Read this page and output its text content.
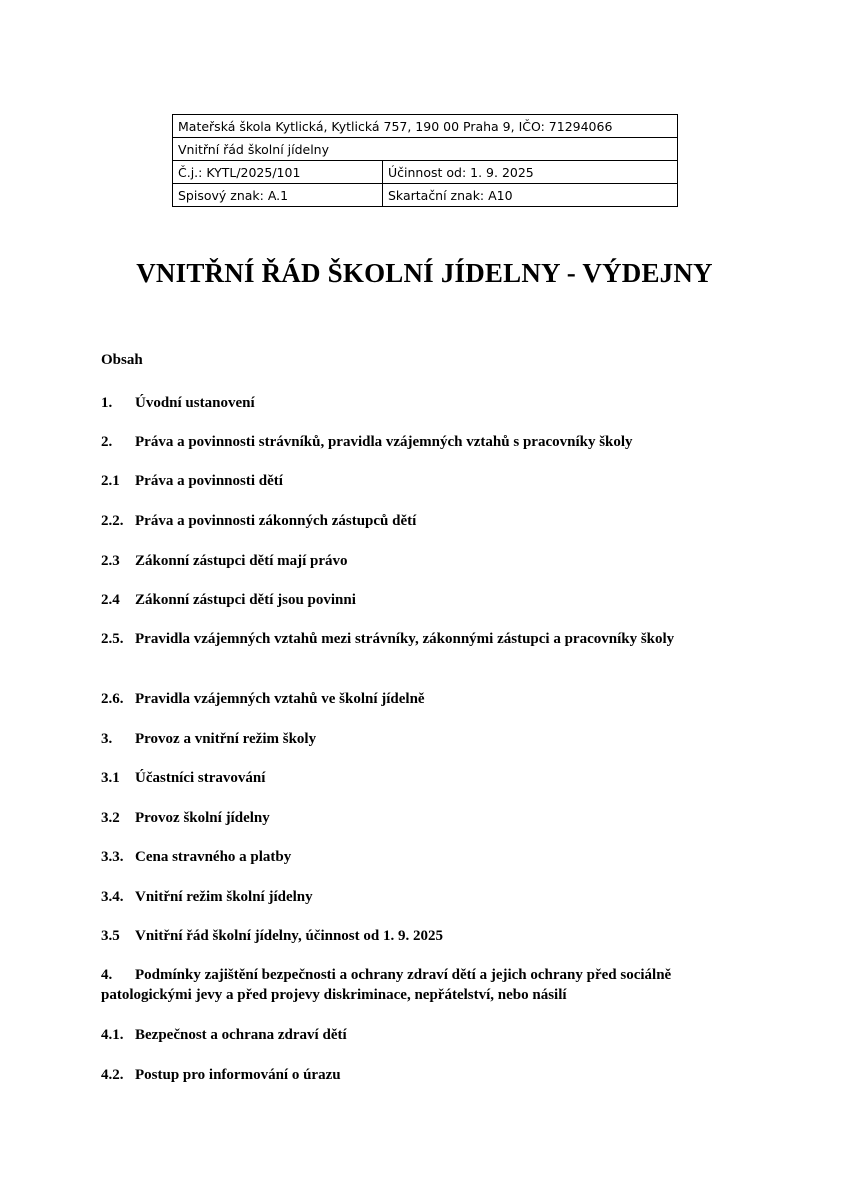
Mateřská škola Kytlická, Kytlická 757, 190 00 Praha 9, IČO: 71294066	
Vnitřní řád školní jídelny	
Č.j.: KYTL/2025/101	Účinnost od: 1. 9. 2025
Spisový znak: A.1	Skartační znak: A10
VNITŘNÍ ŘÁD ŠKOLNÍ JÍDELNY - VÝDEJNY
Obsah
1. Úvodní ustanovení
2. Práva a povinnosti strávníků, pravidla vzájemných vztahů s pracovníky školy
2.1 Práva a povinnosti dětí
2.2. Práva a povinnosti zákonných zástupců dětí
2.3 Zákonní zástupci dětí mají právo
2.4 Zákonní zástupci dětí jsou povinni
2.5. Pravidla vzájemných vztahů mezi strávníky, zákonnými zástupci a pracovníky školy
2.6. Pravidla vzájemných vztahů ve školní jídelně
3. Provoz a vnitřní režim školy
3.1 Účastníci stravování
3.2 Provoz školní jídelny
3.3. Cena stravného a platby
3.4. Vnitřní režim školní jídelny
3.5 Vnitřní řád školní jídelny, účinnost od 1. 9. 2025
4. Podmínky zajištění bezpečnosti a ochrany zdraví dětí a jejich ochrany před sociálně patologickými jevy a před projevy diskriminace, nepřátelství, nebo násilí
4.1. Bezpečnost a ochrana zdraví dětí
4.2. Postup pro informování o úrazu
